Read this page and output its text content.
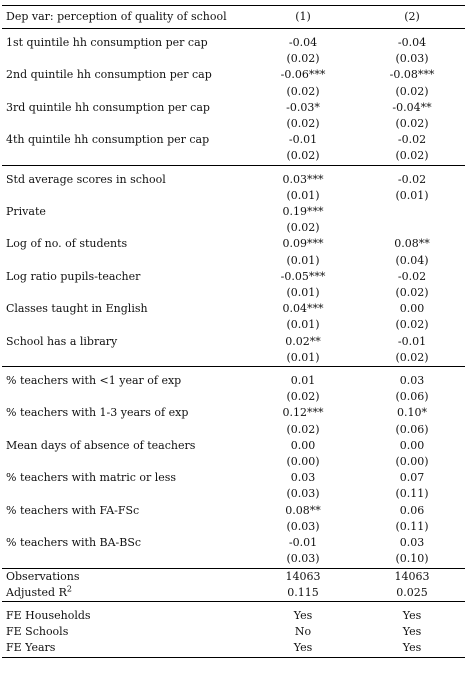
Dep var: perception of quality of school	(1)	(2)
1st quintile hh consumption per cap	-0.04	-0.04
	(0.02)	(0.03)
2nd quintile hh consumption per cap	-0.06***	-0.08***
	(0.02)	(0.02)
3rd quintile hh consumption per cap	-0.03*	-0.04**
	(0.02)	(0.02)
4th quintile hh consumption per cap	-0.01	-0.02
	(0.02)	(0.02)
Std average scores in school	0.03***	-0.02
	(0.01)	(0.01)
Private	0.19***	
	(0.02)	
Log of no. of students	0.09***	0.08**
	(0.01)	(0.04)
Log ratio pupils-teacher	-0.05***	-0.02
	(0.01)	(0.02)
Classes taught in English	0.04***	0.00
	(0.01)	(0.02)
School has a library	0.02**	-0.01
	(0.01)	(0.02)
% teachers with <1 year of exp	0.01	0.03
	(0.02)	(0.06)
% teachers with 1-3 years of exp	0.12***	0.10*
	(0.02)	(0.06)
Mean days of absence of teachers	0.00	0.00
	(0.00)	(0.00)
% teachers with matric or less	0.03	0.07
	(0.03)	(0.11)
% teachers with FA-FSc	0.08**	0.06
	(0.03)	(0.11)
% teachers with BA-BSc	-0.01	0.03
	(0.03)	(0.10)
Observations	14063	14063
Adjusted $R^2$	0.115	0.025
FE Households	Yes	Yes
FE Schools	No	Yes
FE Years	Yes	Yes
